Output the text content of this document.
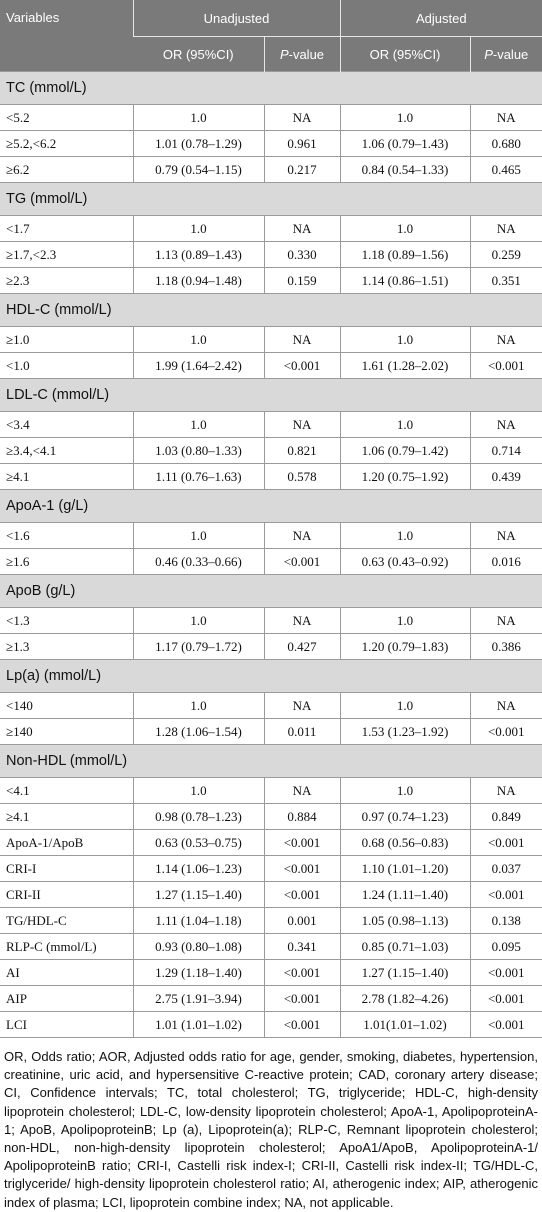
Variables	Unadjusted		Adjusted	
	OR (95%CI)	P-value	OR (95%CI)	P-value
TC (mmol/L)				
<5.2	1.0	NA	1.0	NA
≥5.2,<6.2	1.01 (0.78–1.29)	0.961	1.06 (0.79–1.43)	0.680
≥6.2	0.79 (0.54–1.15)	0.217	0.84 (0.54–1.33)	0.465
TG (mmol/L)				
<1.7	1.0	NA	1.0	NA
≥1.7,<2.3	1.13 (0.89–1.43)	0.330	1.18 (0.89–1.56)	0.259
≥2.3	1.18 (0.94–1.48)	0.159	1.14 (0.86–1.51)	0.351
HDL-C (mmol/L)				
≥1.0	1.0	NA	1.0	NA
<1.0	1.99 (1.64–2.42)	<0.001	1.61 (1.28–2.02)	<0.001
LDL-C (mmol/L)				
<3.4	1.0	NA	1.0	NA
≥3.4,<4.1	1.03 (0.80–1.33)	0.821	1.06 (0.79–1.42)	0.714
≥4.1	1.11 (0.76–1.63)	0.578	1.20 (0.75–1.92)	0.439
ApoA-1 (g/L)				
<1.6	1.0	NA	1.0	NA
≥1.6	0.46 (0.33–0.66)	<0.001	0.63 (0.43–0.92)	0.016
ApoB (g/L)				
<1.3	1.0	NA	1.0	NA
≥1.3	1.17 (0.79–1.72)	0.427	1.20 (0.79–1.83)	0.386
Lp(a) (mmol/L)				
<140	1.0	NA	1.0	NA
≥140	1.28 (1.06–1.54)	0.011	1.53 (1.23–1.92)	<0.001
Non-HDL (mmol/L)				
<4.1	1.0	NA	1.0	NA
≥4.1	0.98 (0.78–1.23)	0.884	0.97 (0.74–1.23)	0.849
ApoA-1/ApoB	0.63 (0.53–0.75)	<0.001	0.68 (0.56–0.83)	<0.001
CRI-I	1.14 (1.06–1.23)	<0.001	1.10 (1.01–1.20)	0.037
CRI-II	1.27 (1.15–1.40)	<0.001	1.24 (1.11–1.40)	<0.001
TG/HDL-C	1.11 (1.04–1.18)	0.001	1.05 (0.98–1.13)	0.138
RLP-C (mmol/L)	0.93 (0.80–1.08)	0.341	0.85 (0.71–1.03)	0.095
AI	1.29 (1.18–1.40)	<0.001	1.27 (1.15–1.40)	<0.001
AIP	2.75 (1.91–3.94)	<0.001	2.78 (1.82–4.26)	<0.001
LCI	1.01 (1.01–1.02)	<0.001	1.01(1.01–1.02)	<0.001

OR, Odds ratio; AOR, Adjusted odds ratio for age, gender, smoking, diabetes, hypertension, creatinine, uric acid, and hypersensitive C-reactive protein; CAD, coronary artery disease; CI, Confidence intervals; TC, total cholesterol; TG, triglyceride; HDL-C, high-density lipoprotein cholesterol; LDL-C, low-density lipoprotein cholesterol; ApoA-1, ApolipoproteinA-1; ApoB, ApolipoproteinB; Lp (a), Lipoprotein(a); RLP-C, Remnant lipoprotein cholesterol; non-HDL, non-high-density lipoprotein cholesterol; ApoA1/ApoB, ApolipoproteinA-1/ ApolipoproteinB ratio; CRI-I, Castelli risk index-I; CRI-II, Castelli risk index-II; TG/HDL-C, triglyceride/ high-density lipoprotein cholesterol ratio; AI, atherogenic index; AIP, atherogenic index of plasma; LCI, lipoprotein combine index; NA, not applicable.
